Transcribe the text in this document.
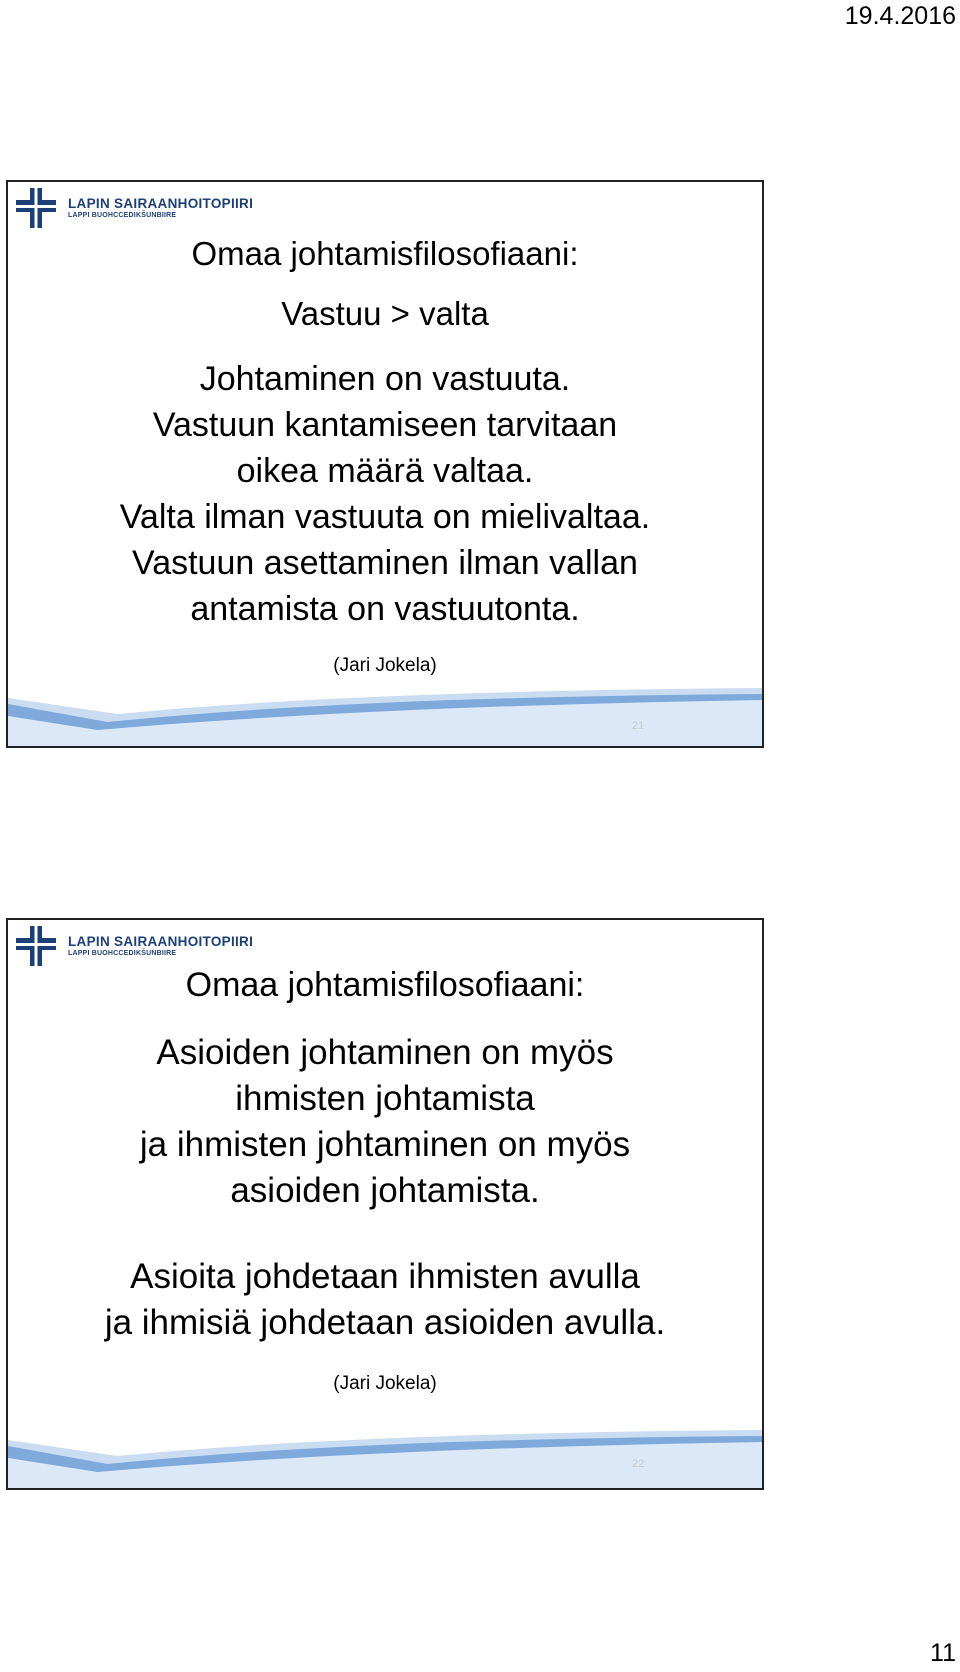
19.4.2016
LAPIN SAIRAANHOITOPIIRI
LAPPI BUOHCCEDIKŠUNBIIRE
Omaa johtamisfilosofiaani:
Vastuu > valta
Johtaminen on vastuuta.
Vastuun kantamiseen tarvitaan
oikea määrä valtaa.
Valta ilman vastuuta on mielivaltaa.
Vastuun asettaminen ilman vallan
antamista on vastuutonta.
(Jari Jokela)
21
LAPIN SAIRAANHOITOPIIRI
LAPPI BUOHCCEDIKŠUNBIIRE
Omaa johtamisfilosofiaani:
Asioiden johtaminen on myös
ihmisten johtamista
ja ihmisten johtaminen on myös
asioiden johtamista.
Asioita johdetaan ihmisten avulla
ja ihmisiä johdetaan asioiden avulla.
(Jari Jokela)
22
11
